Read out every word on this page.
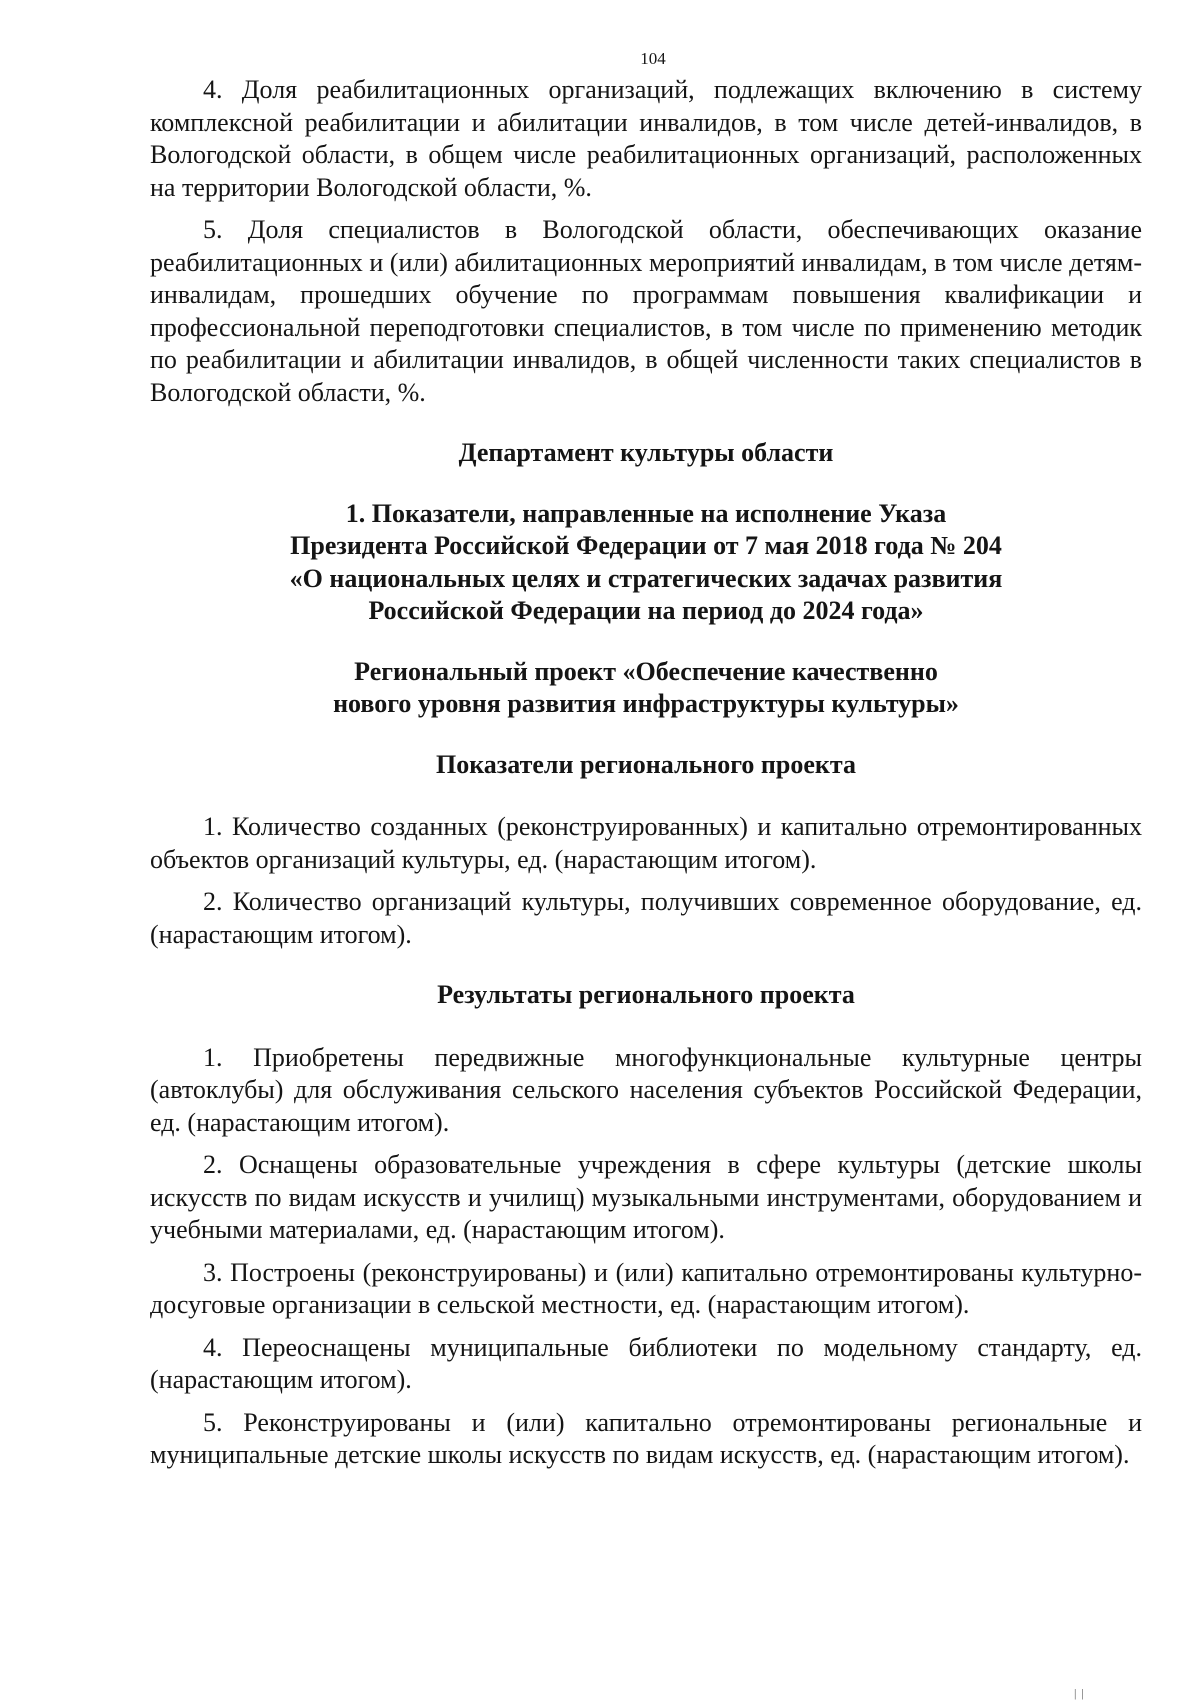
104

4. Доля реабилитационных организаций, подлежащих включению в систему комплексной реабилитации и абилитации инвалидов, в том числе детей-инвалидов, в Вологодской области, в общем числе реабилитационных организаций, расположенных на территории Вологодской области, %.

5. Доля специалистов в Вологодской области, обеспечивающих оказание реабилитационных и (или) абилитационных мероприятий инвалидам, в том числе детям-инвалидам, прошедших обучение по программам повышения квалификации и профессиональной переподготовки специалистов, в том числе по применению методик по реабилитации и абилитации инвалидов, в общей численности таких специалистов в Вологодской области, %.

Департамент культуры области
1. Показатели, направленные на исполнение Указа
Президента Российской Федерации от 7 мая 2018 года № 204
«О национальных целях и стратегических задачах развития
Российской Федерации на период до 2024 года»
Региональный проект «Обеспечение качественно
нового уровня развития инфраструктуры культуры»
Показатели регионального проекта

1. Количество созданных (реконструированных) и капитально отремонтированных объектов организаций культуры, ед. (нарастающим итогом).

2. Количество организаций культуры, получивших современное оборудование, ед. (нарастающим итогом).

Результаты регионального проекта

1. Приобретены передвижные многофункциональные культурные центры (автоклубы) для обслуживания сельского населения субъектов Российской Федерации, ед. (нарастающим итогом).

2. Оснащены образовательные учреждения в сфере культуры (детские школы искусств по видам искусств и училищ) музыкальными инструментами, оборудованием и учебными материалами, ед. (нарастающим итогом).

3. Построены (реконструированы) и (или) капитально отремонтированы культурно-досуговые организации в сельской местности, ед. (нарастающим итогом).

4. Переоснащены муниципальные библиотеки по модельному стандарту, ед. (нарастающим итогом).

5. Реконструированы и (или) капитально отремонтированы региональные и муниципальные детские школы искусств по видам искусств, ед. (нарастающим итогом).

| |
